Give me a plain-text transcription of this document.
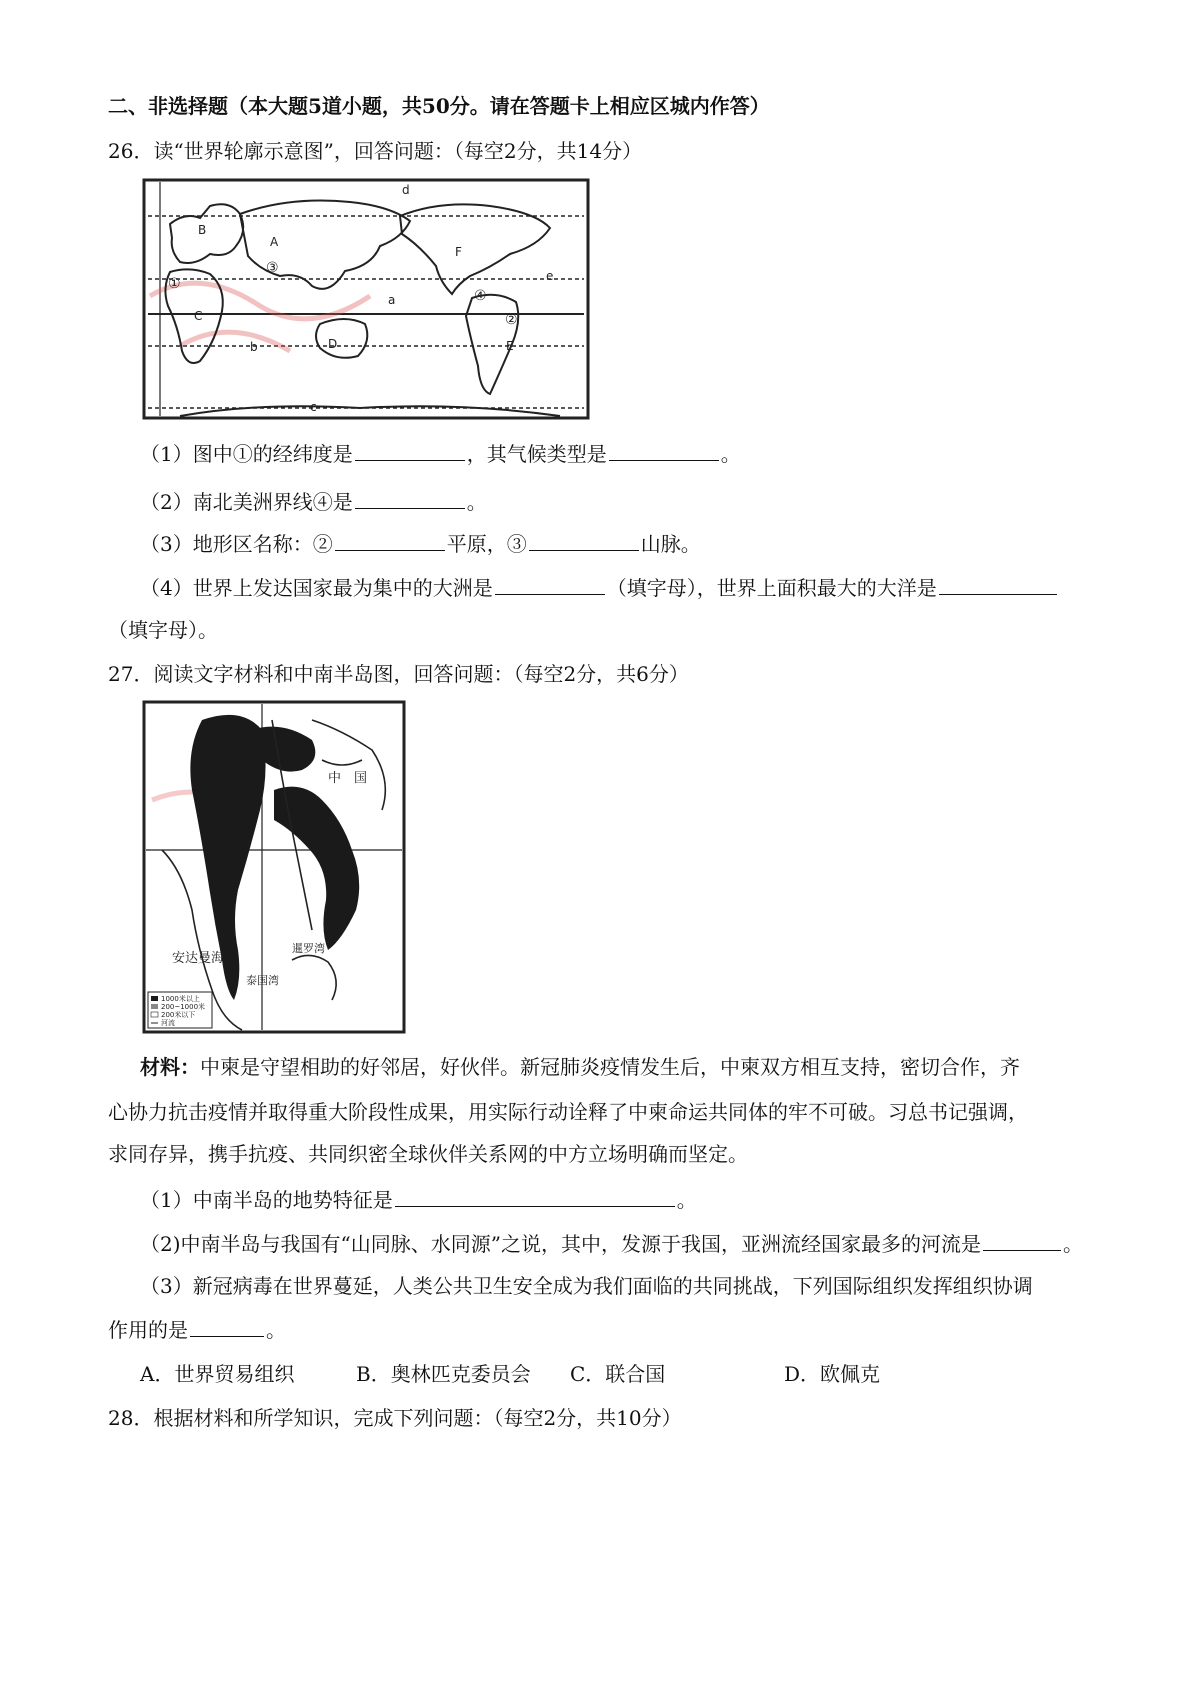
二、非选择题（本大题5道小题，共50分。请在答题卡上相应区城内作答）
26．读“世界轮廓示意图”，回答问题：（每空2分，共14分）
B
A
F
C
D	E
a
b
c
d
e
①
②
③
④
（1）图中①的经纬度是	，其气候类型是	。
（2）南北美洲界线④是	。
（3）地形区名称：②	平原，③	山脉。
（4）世界上发达国家最为集中的大洲是	（填字母），世界上面积最大的大洋是
（填字母）。
27．阅读文字材料和中南半岛图，回答问题：（每空2分，共6分）
中　国
安达曼海
暹罗湾
泰国湾
1000米以上
200~1000米
200米以下
河流
材料：中柬是守望相助的好邻居，好伙伴。新冠肺炎疫情发生后，中柬双方相互支持，密切合作，齐
心协力抗击疫情并取得重大阶段性成果，用实际行动诠释了中柬命运共同体的牢不可破。习总书记强调，
求同存异，携手抗疫、共同织密全球伙伴关系网的中方立场明确而坚定。
（1）中南半岛的地势特征是	。
（2)中南半岛与我国有“山同脉、水同源”之说，其中，发源于我国，亚洲流经国家最多的河流是	。
（3）新冠病毒在世界蔓延，人类公共卫生安全成为我们面临的共同挑战，下列国际组织发挥组织协调
作用的是	。
A．世界贸易组织	B．奥林匹克委员会 C．联合国	D．欧佩克
28．根据材料和所学知识，完成下列问题：（每空2分，共10分）
